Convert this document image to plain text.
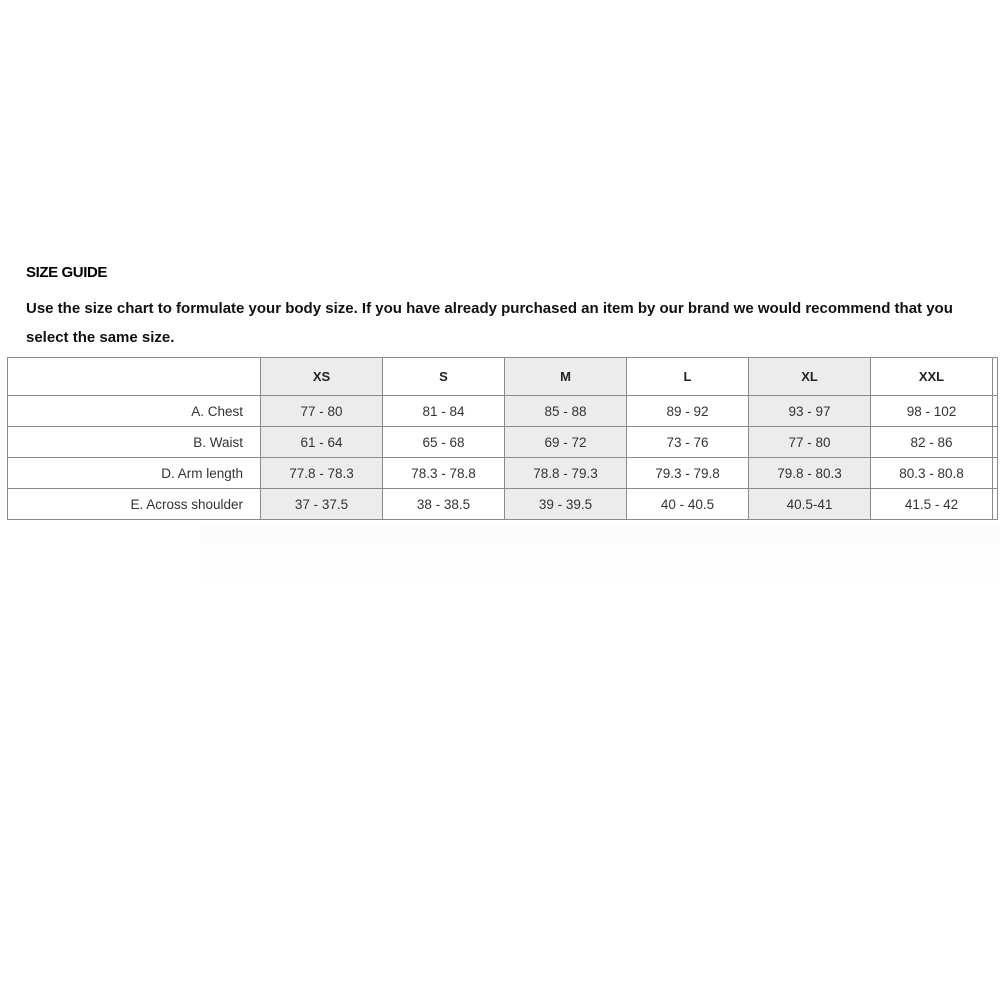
SIZE GUIDE
Use the size chart to formulate your body size. If you have already purchased an item by our brand we would recommend that you select the same size.
	XS	S	M	L	XL	XXL	
A. Chest	77 - 80	81 - 84	85 - 88	89 - 92	93 - 97	98 - 102	
B. Waist	61 - 64	65 - 68	69 - 72	73 - 76	77 - 80	82 - 86	
D. Arm length	77.8 - 78.3	78.3 - 78.8	78.8 - 79.3	79.3 - 79.8	79.8 - 80.3	80.3 - 80.8	
E. Across shoulder	37 - 37.5	38 - 38.5	39 - 39.5	40 - 40.5	40.5-41	41.5 - 42	
